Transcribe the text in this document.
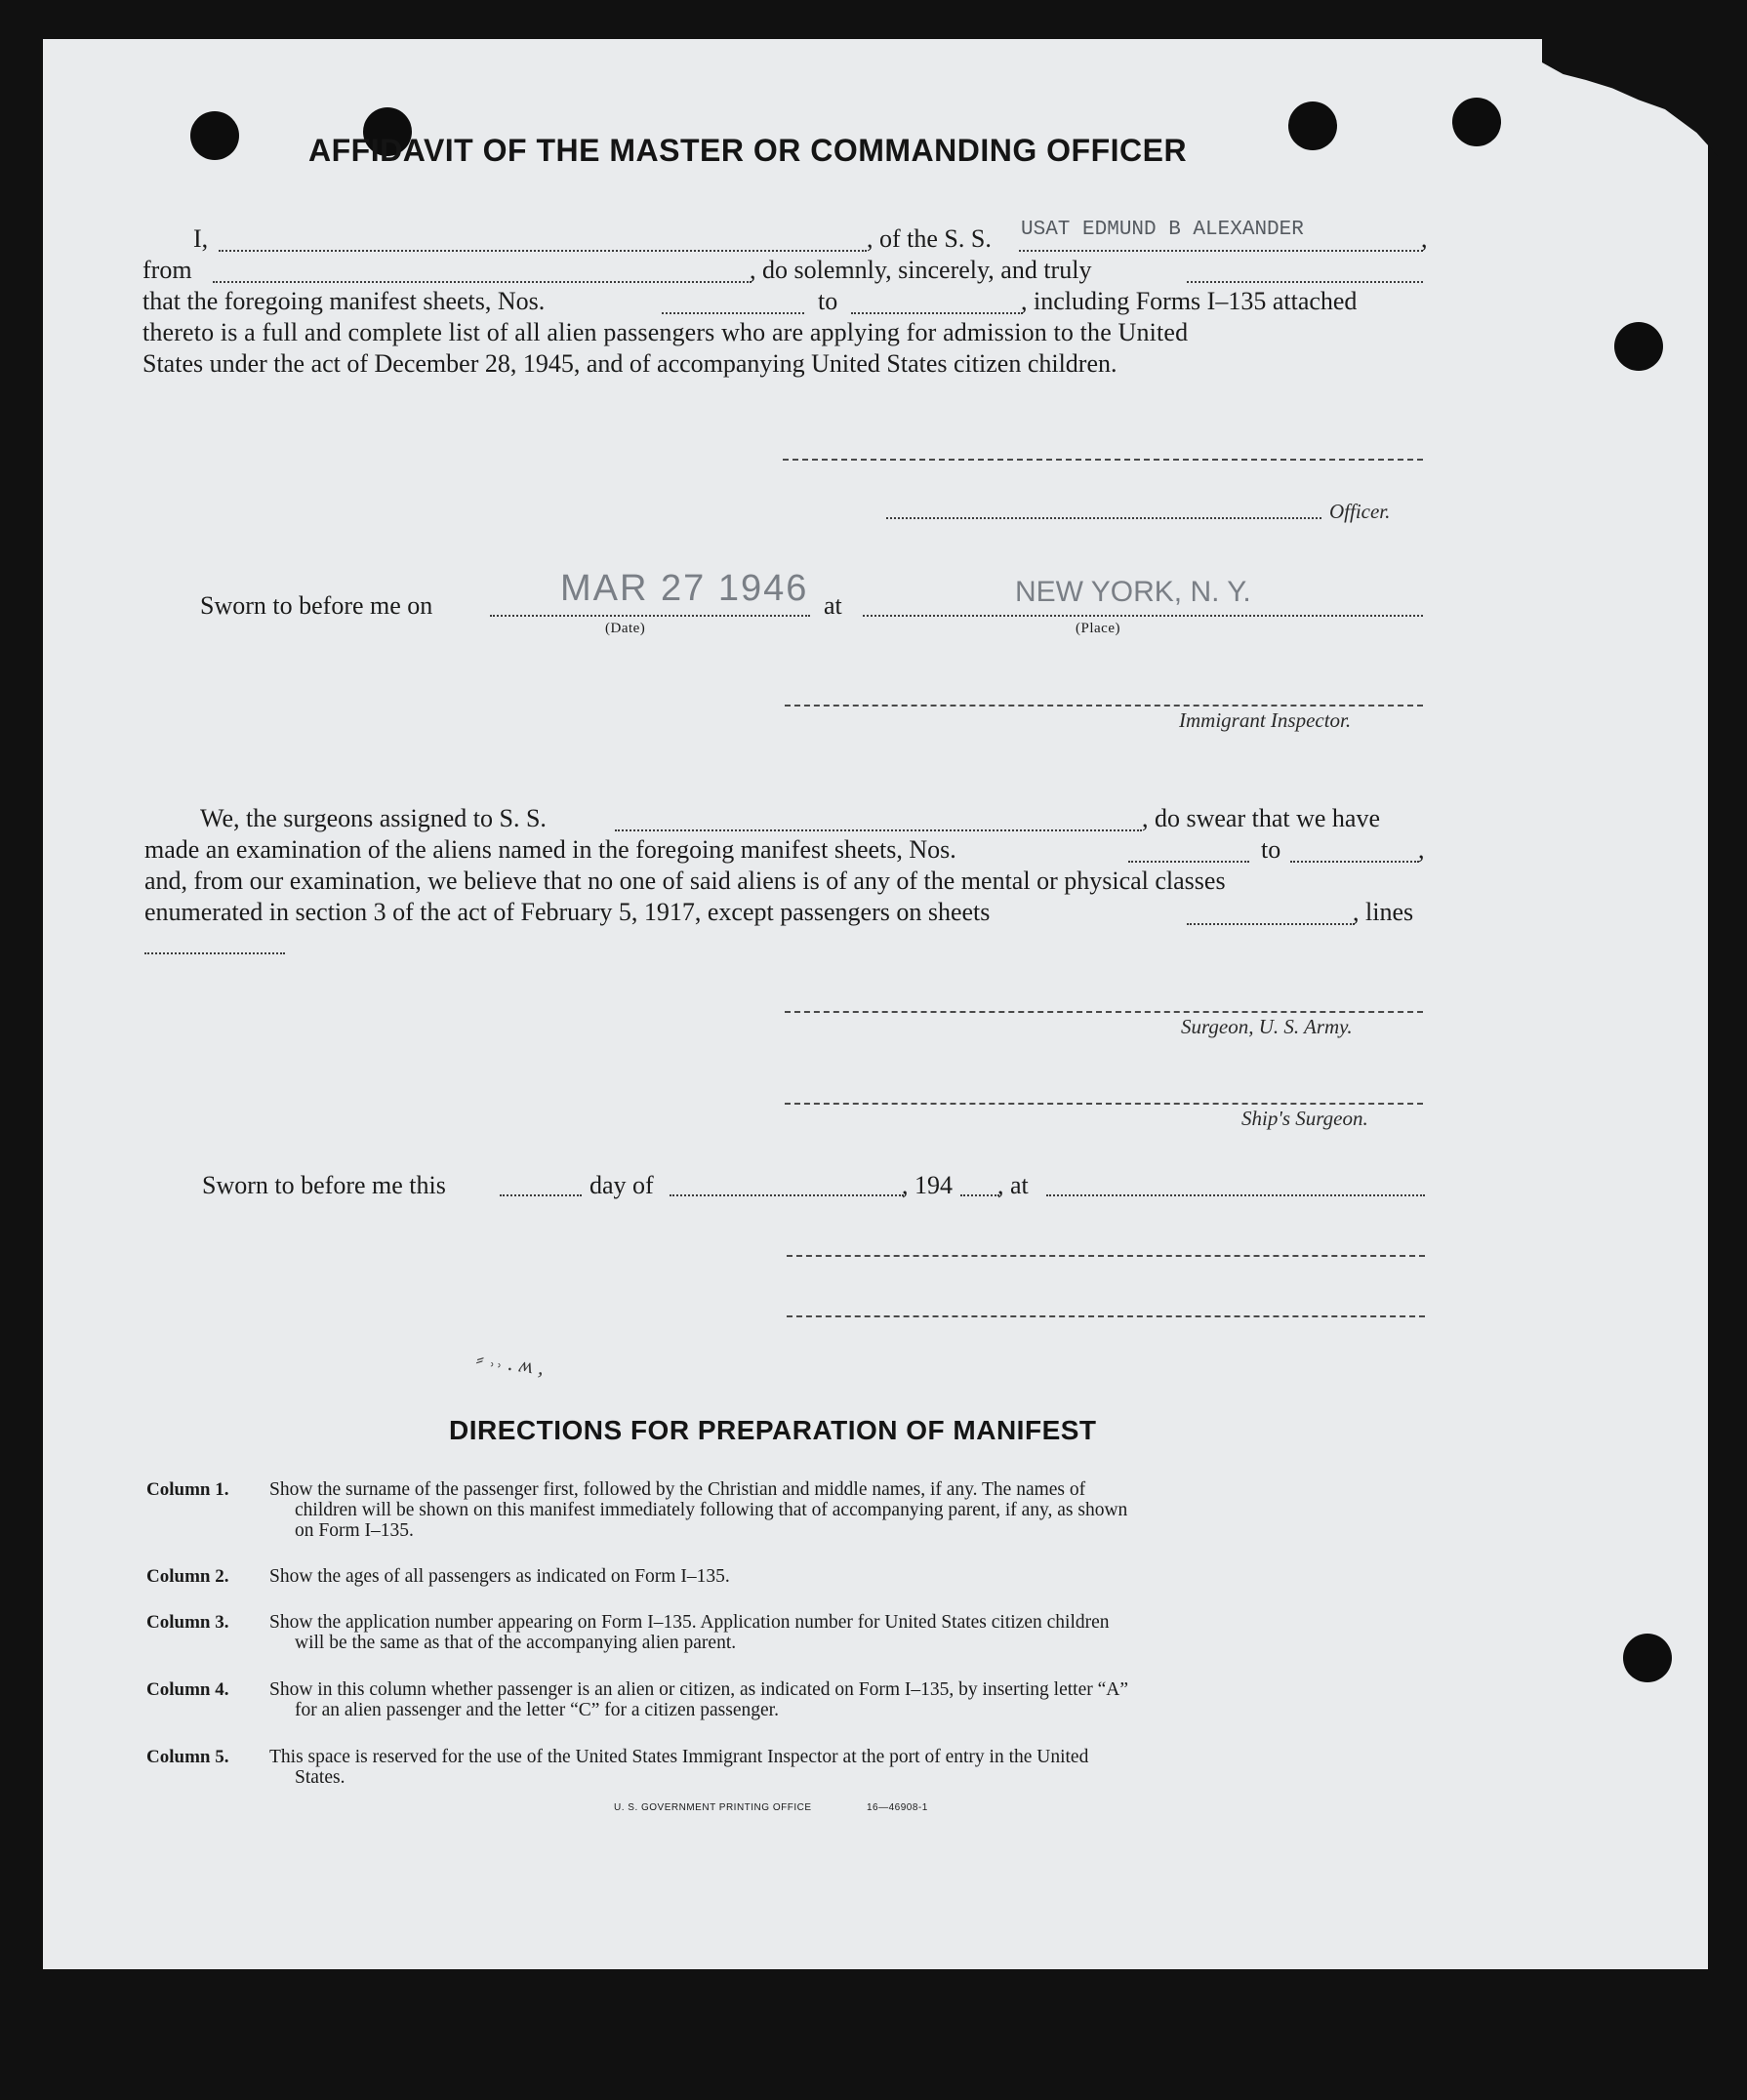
AFFIDAVIT OF THE MASTER OR COMMANDING OFFICER
I,	, of the S. S. USAT EDMUND B ALEXANDER	,
from	, do solemnly, sincerely, and truly
that the foregoing manifest sheets, Nos.	to	, including Forms I–135 attached
thereto is a full and complete list of all alien passengers who are applying for admission to the United
States under the act of December 28, 1945, and of accompanying United States citizen children.
Officer.
Sworn to before me on	MAR 27 1946
(Date)
at	NEW YORK, N. Y.
(Place)
Immigrant Inspector.
We, the surgeons assigned to S. S.	, do swear that we have
made an examination of the aliens named in the foregoing manifest sheets, Nos.	to	,
and, from our examination, we believe that no one of said aliens is of any of the mental or physical classes
enumerated in section 3 of the act of February 5, 1917, except passengers on sheets	, lines
Surgeon, U. S. Army.
Ship's Surgeon.
Sworn to before me this	day of	, 194 , at
⸗ ˒˒ . ʍ ,
DIRECTIONS FOR PREPARATION OF MANIFEST
Column 1. Show the surname of the passenger first, followed by the Christian and middle names, if any. The names of
children will be shown on this manifest immediately following that of accompanying parent, if any, as shown
on Form I–135.
Column 2. Show the ages of all passengers as indicated on Form I–135.
Column 3. Show the application number appearing on Form I–135. Application number for United States citizen children
will be the same as that of the accompanying alien parent.
Column 4. Show in this column whether passenger is an alien or citizen, as indicated on Form I–135, by inserting letter “A”
for an alien passenger and the letter “C” for a citizen passenger.
Column 5. This space is reserved for the use of the United States Immigrant Inspector at the port of entry in the United
States.
U. S. GOVERNMENT PRINTING OFFICE	16—46908-1
